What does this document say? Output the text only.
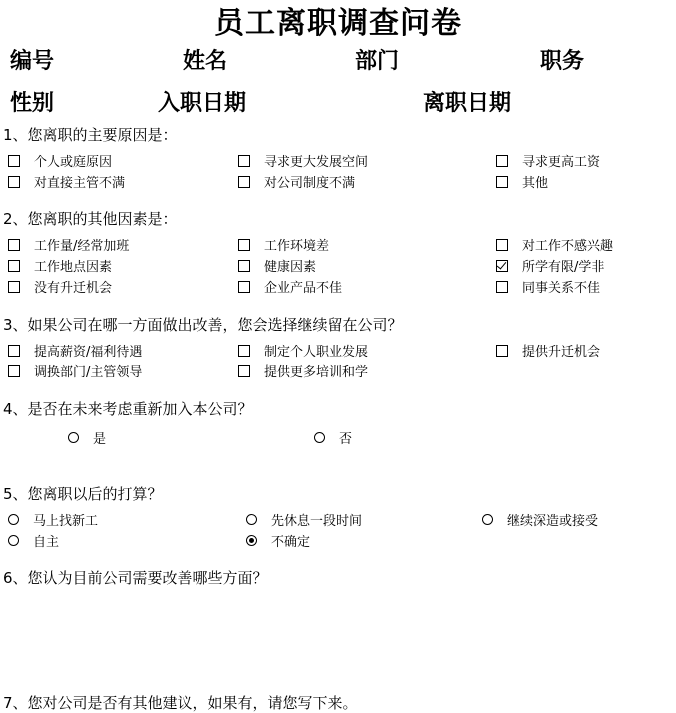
员工离职调查问卷
编号	姓名	部门	职务
性别	入职日期	离职日期
1、您离职的主要原因是：
个人或庭原因	寻求更大发展空间	寻求更高工资
对直接主管不满	对公司制度不满	其他
2、您离职的其他因素是：
工作量/经常加班	工作环境差	对工作不感兴趣
工作地点因素	健康因素	所学有限/学非
没有升迁机会	企业产品不佳	同事关系不佳
3、如果公司在哪一方面做出改善，您会选择继续留在公司？
提高薪资/福利待遇	制定个人职业发展	提供升迁机会
调换部门/主管领导	提供更多培训和学
4、是否在未来考虑重新加入本公司？
是	否
5、您离职以后的打算？
马上找新工	先休息一段时间	继续深造或接受
自主	不确定
6、您认为目前公司需要改善哪些方面？
7、您对公司是否有其他建议，如果有，请您写下来。
